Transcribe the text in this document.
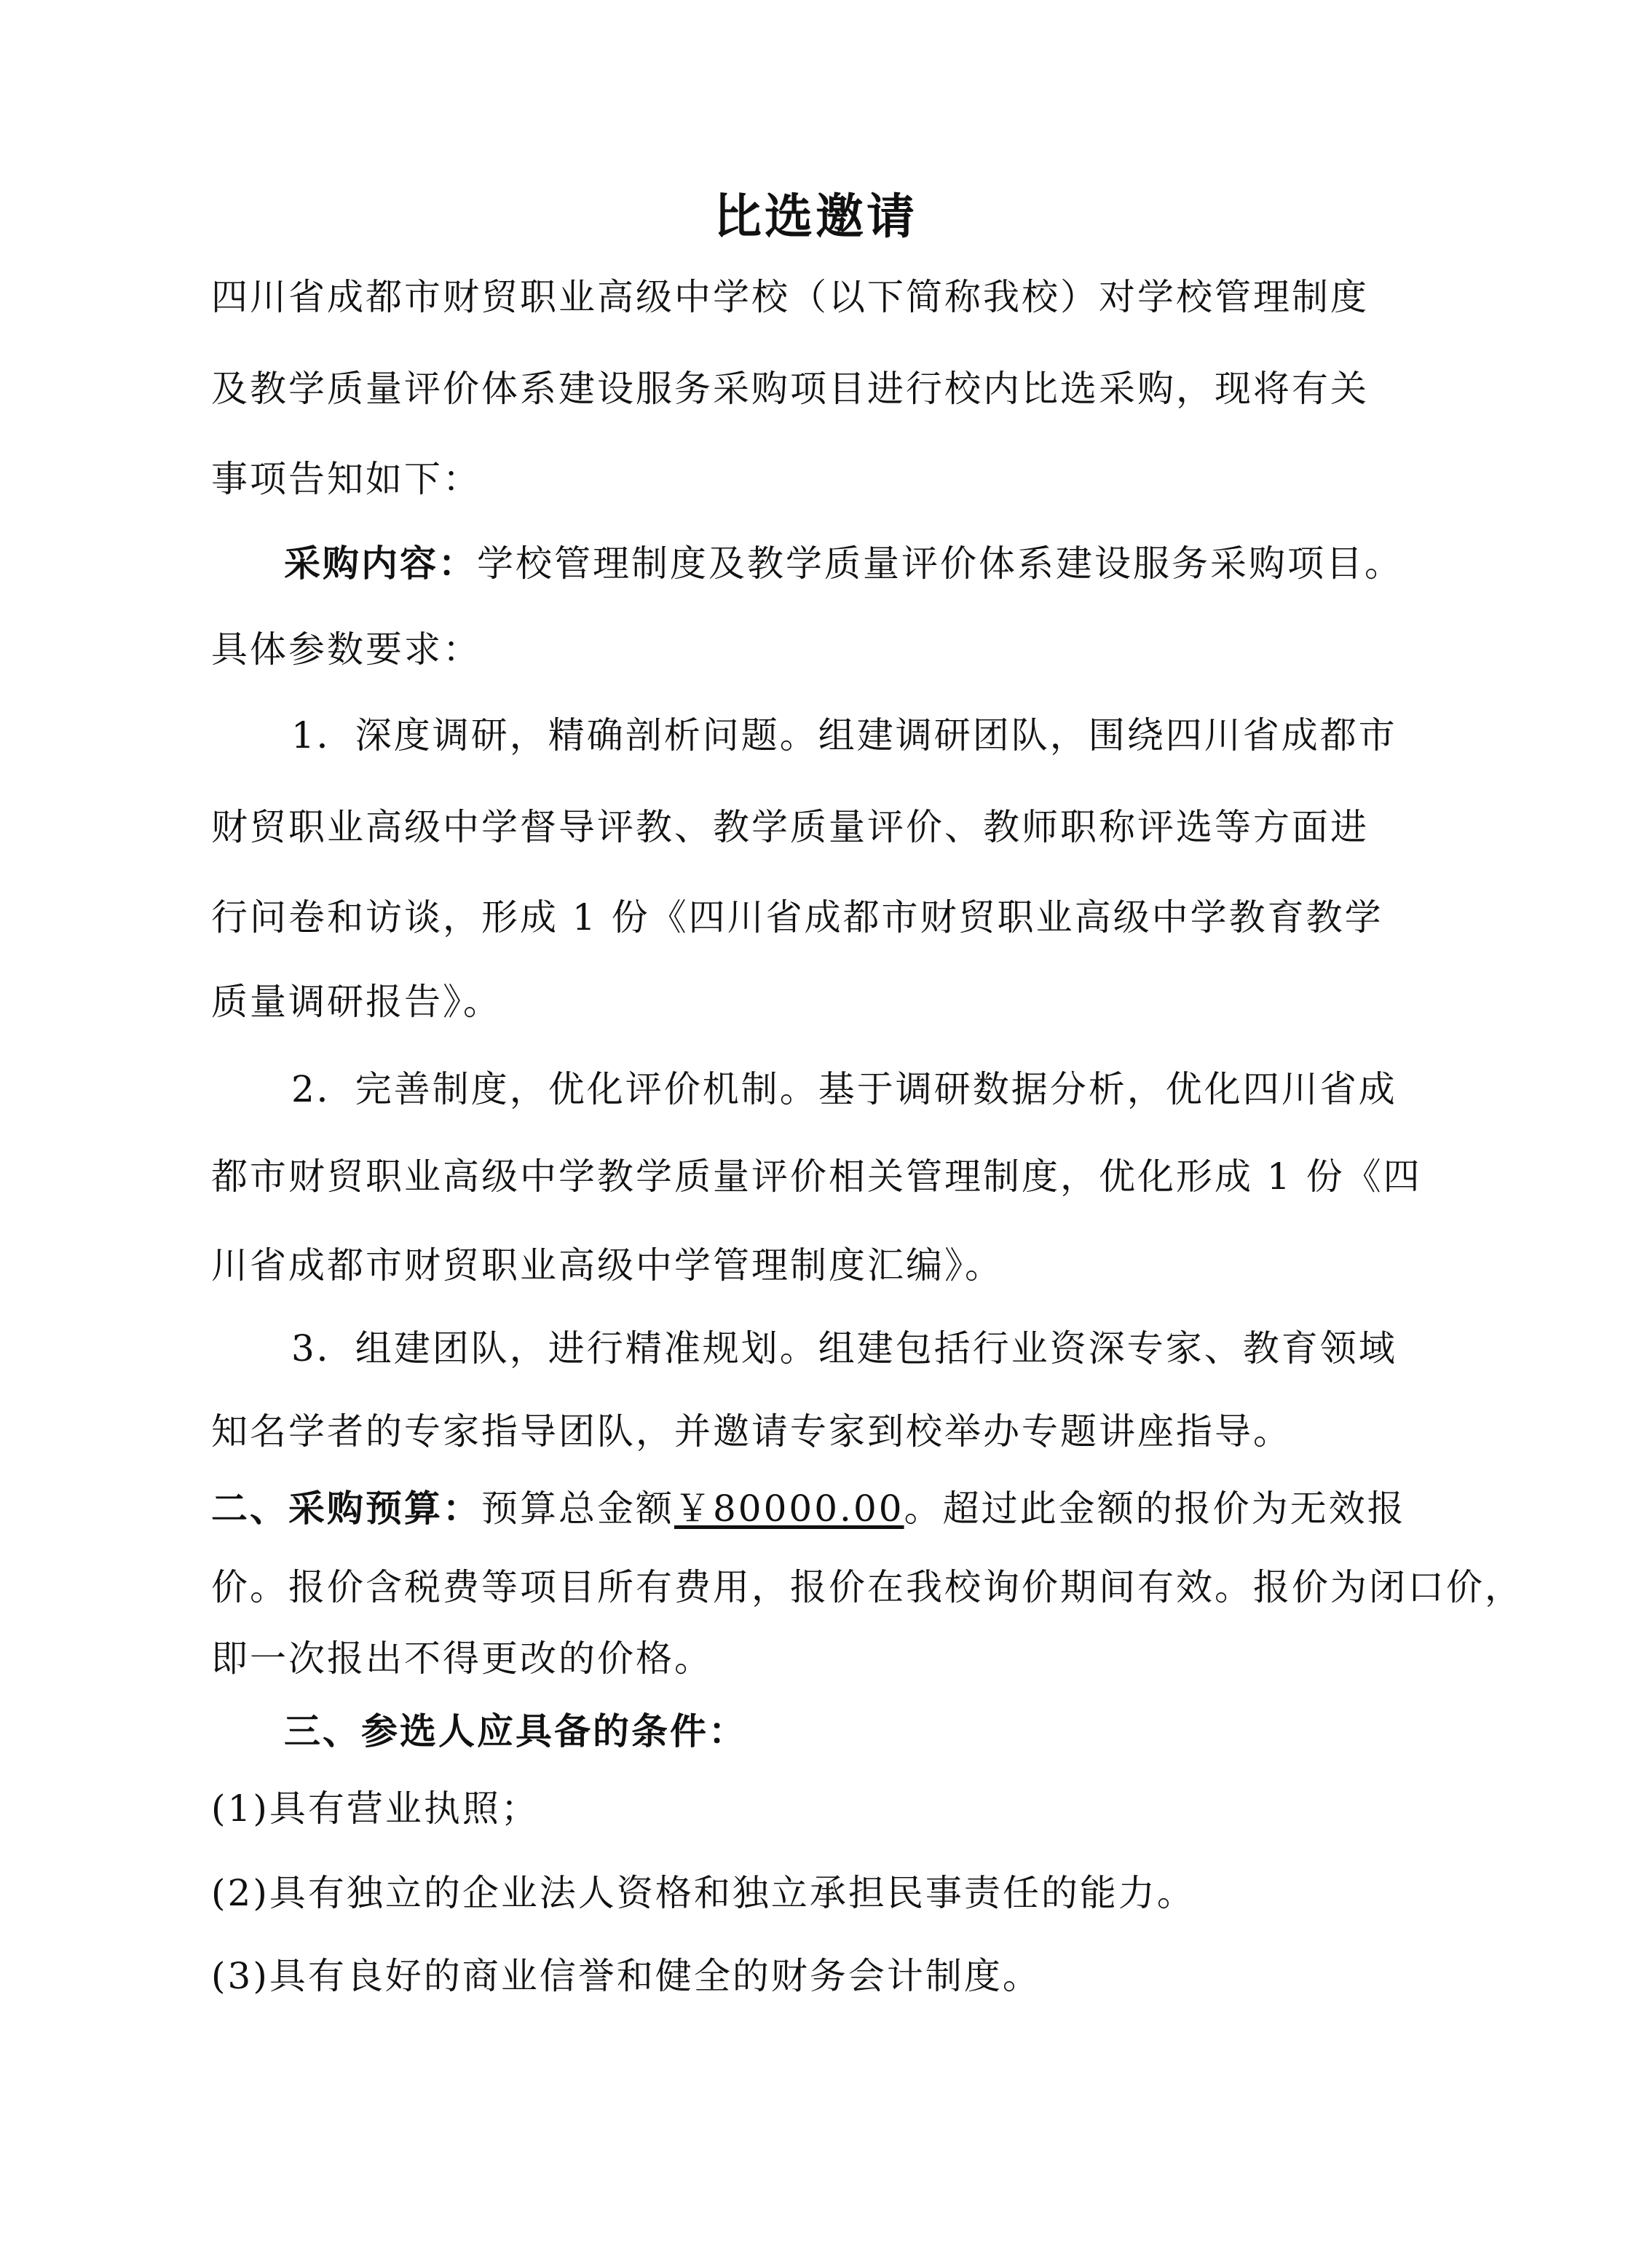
比选邀请
四川省成都市财贸职业高级中学校（以下简称我校）对学校管理制度
及教学质量评价体系建设服务采购项目进行校内比选采购，现将有关
事项告知如下：
采购内容：学校管理制度及教学质量评价体系建设服务采购项目。
具体参数要求：
1．深度调研，精确剖析问题。组建调研团队，围绕四川省成都市
财贸职业高级中学督导评教、教学质量评价、教师职称评选等方面进
行问卷和访谈，形成 1 份《四川省成都市财贸职业高级中学教育教学
质量调研报告》。
2．完善制度，优化评价机制。基于调研数据分析，优化四川省成
都市财贸职业高级中学教学质量评价相关管理制度，优化形成 1 份《四
川省成都市财贸职业高级中学管理制度汇编》。
3．组建团队，进行精准规划。组建包括行业资深专家、教育领域
知名学者的专家指导团队，并邀请专家到校举办专题讲座指导。
二、采购预算：预算总金额￥80000.00。超过此金额的报价为无效报
价。报价含税费等项目所有费用，报价在我校询价期间有效。报价为闭口价，
即一次报出不得更改的价格。
三、参选人应具备的条件：
(1)具有营业执照；
(2)具有独立的企业法人资格和独立承担民事责任的能力。
(3)具有良好的商业信誉和健全的财务会计制度。
